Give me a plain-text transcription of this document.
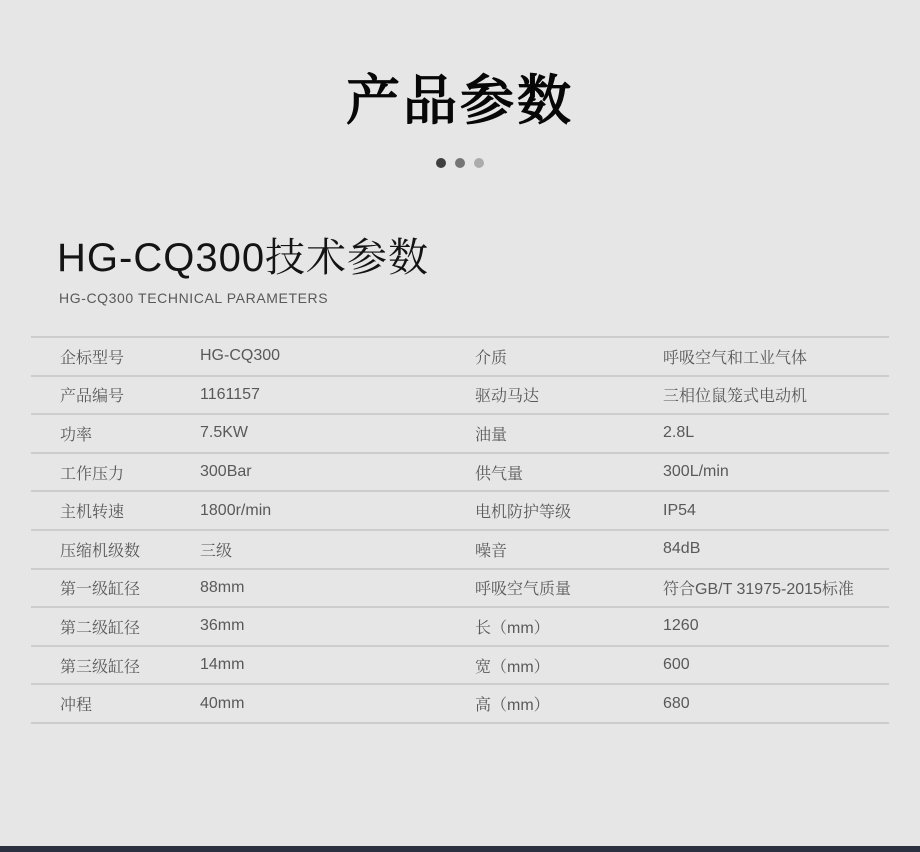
产品参数
HG-CQ300技术参数
HG-CQ300 TECHNICAL PARAMETERS
企标型号	HG-CQ300	介质	呼吸空气和工业气体
产品编号	1161157	驱动马达	三相位鼠笼式电动机
功率	7.5KW	油量	2.8L
工作压力	300Bar	供气量	300L/min
主机转速	1800r/min	电机防护等级	IP54
压缩机级数	三级	噪音	84dB
第一级缸径	88mm	呼吸空气质量	符合GB/T 31975-2015标准
第二级缸径	36mm	长（mm）	1260
第三级缸径	14mm	宽（mm）	600
冲程	40mm	高（mm）	680
